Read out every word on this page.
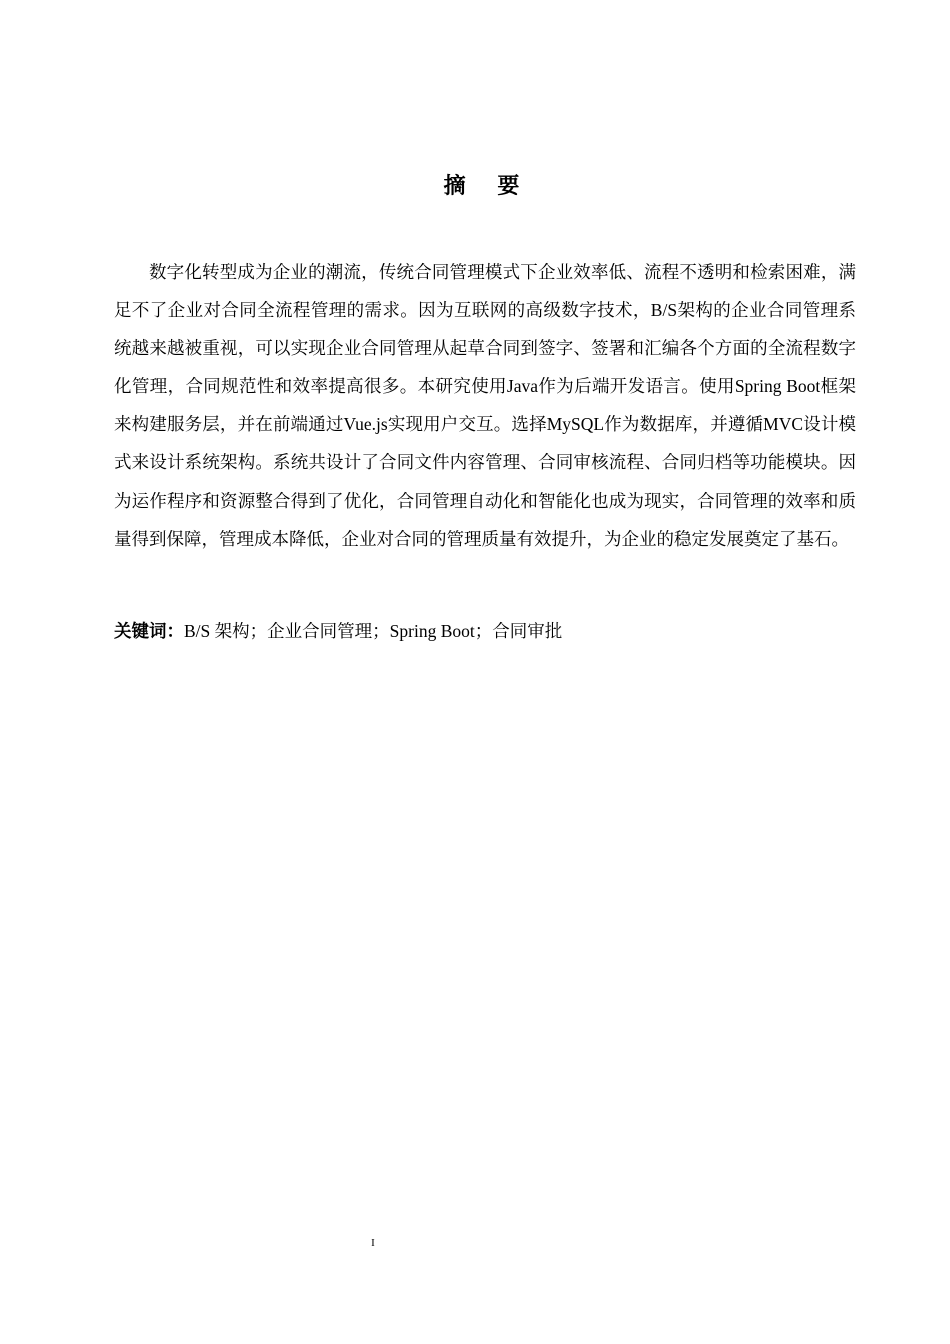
摘 要

数字化转型成为企业的潮流，传统合同管理模式下企业效率低、流程不透明和检索困难，满足不了企业对合同全流程管理的需求。因为互联网的高级数字技术，B/S架构的企业合同管理系统越来越被重视，可以实现企业合同管理从起草合同到签字、签署和汇编各个方面的全流程数字化管理，合同规范性和效率提高很多。本研究使用Java作为后端开发语言。使用Spring Boot框架来构建服务层，并在前端通过Vue.js实现用户交互。选择MySQL作为数据库，并遵循MVC设计模式来设计系统架构。系统共设计了合同文件内容管理、合同审核流程、合同归档等功能模块。因为运作程序和资源整合得到了优化，合同管理自动化和智能化也成为现实，合同管理的效率和质量得到保障，管理成本降低，企业对合同的管理质量有效提升，为企业的稳定发展奠定了基石。

关键词：B/S 架构；企业合同管理；Spring Boot；合同审批

I
